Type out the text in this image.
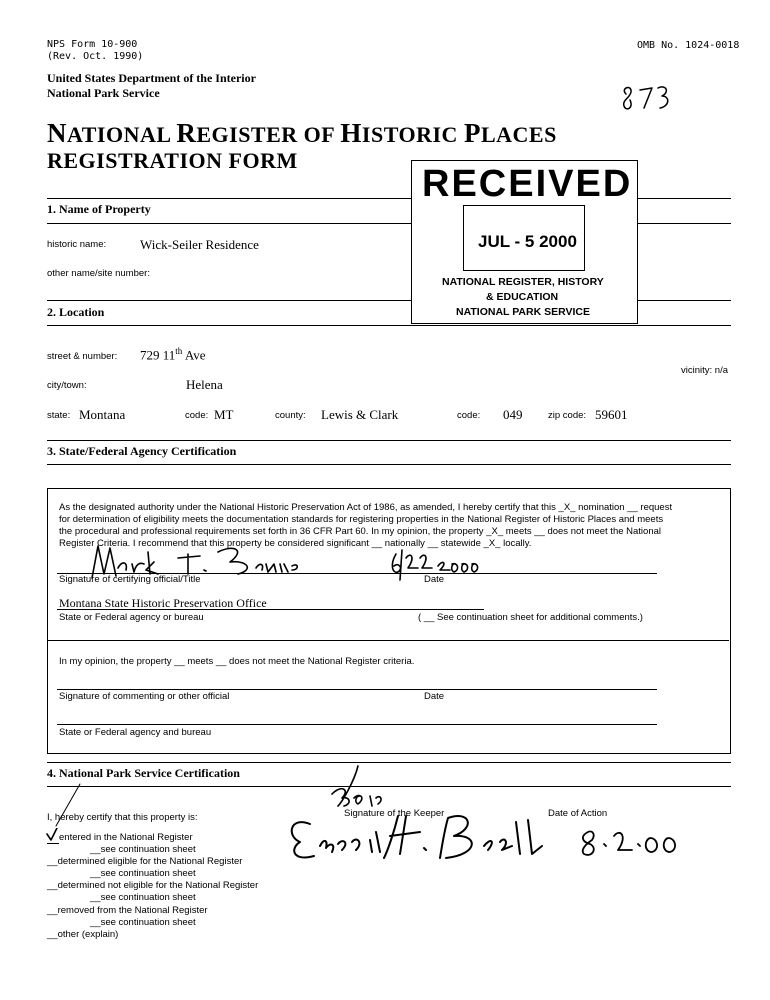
NPS Form 10-900
(Rev. Oct. 1990)
OMB No. 1024-0018
United States Department of the Interior
National Park Service
NATIONAL REGISTER OF HISTORIC PLACES
REGISTRATION FORM
RECEIVED
JUL - 5 2000
NATIONAL REGISTER, HISTORY
& EDUCATION
NATIONAL PARK SERVICE
1. Name of Property
historic name:	Wick-Seiler Residence
other name/site number:
2. Location
street & number: 729 11th Ave
vicinity: n/a
city/town:	Helena
state: Montana	code: MT	county: Lewis & Clark	code: 049	zip code: 59601
3. State/Federal Agency Certification
As the designated authority under the National Historic Preservation Act of 1986, as amended, I hereby certify that this _X_ nomination __ request
for determination of eligibility meets the documentation standards for registering properties in the National Register of Historic Places and meets
the procedural and professional requirements set forth in 36 CFR Part 60. In my opinion, the property _X_ meets __ does not meet the National
Register Criteria. I recommend that this property be considered significant __ nationally __ statewide _X_ locally.
Signature of certifying official/Title	Date
Montana State Historic Preservation Office
State or Federal agency or bureau	( __ See continuation sheet for additional comments.)
In my opinion, the property __ meets __ does not meet the National Register criteria.
Signature of commenting or other official	Date
State or Federal agency and bureau
4. National Park Service Certification
I, hereby certify that this property is:	Signature of the Keeper	Date of Action
entered in the National Register
__see continuation sheet
__determined eligible for the National Register
__see continuation sheet
__determined not eligible for the National Register
__see continuation sheet
__removed from the National Register
__see continuation sheet
__other (explain)
